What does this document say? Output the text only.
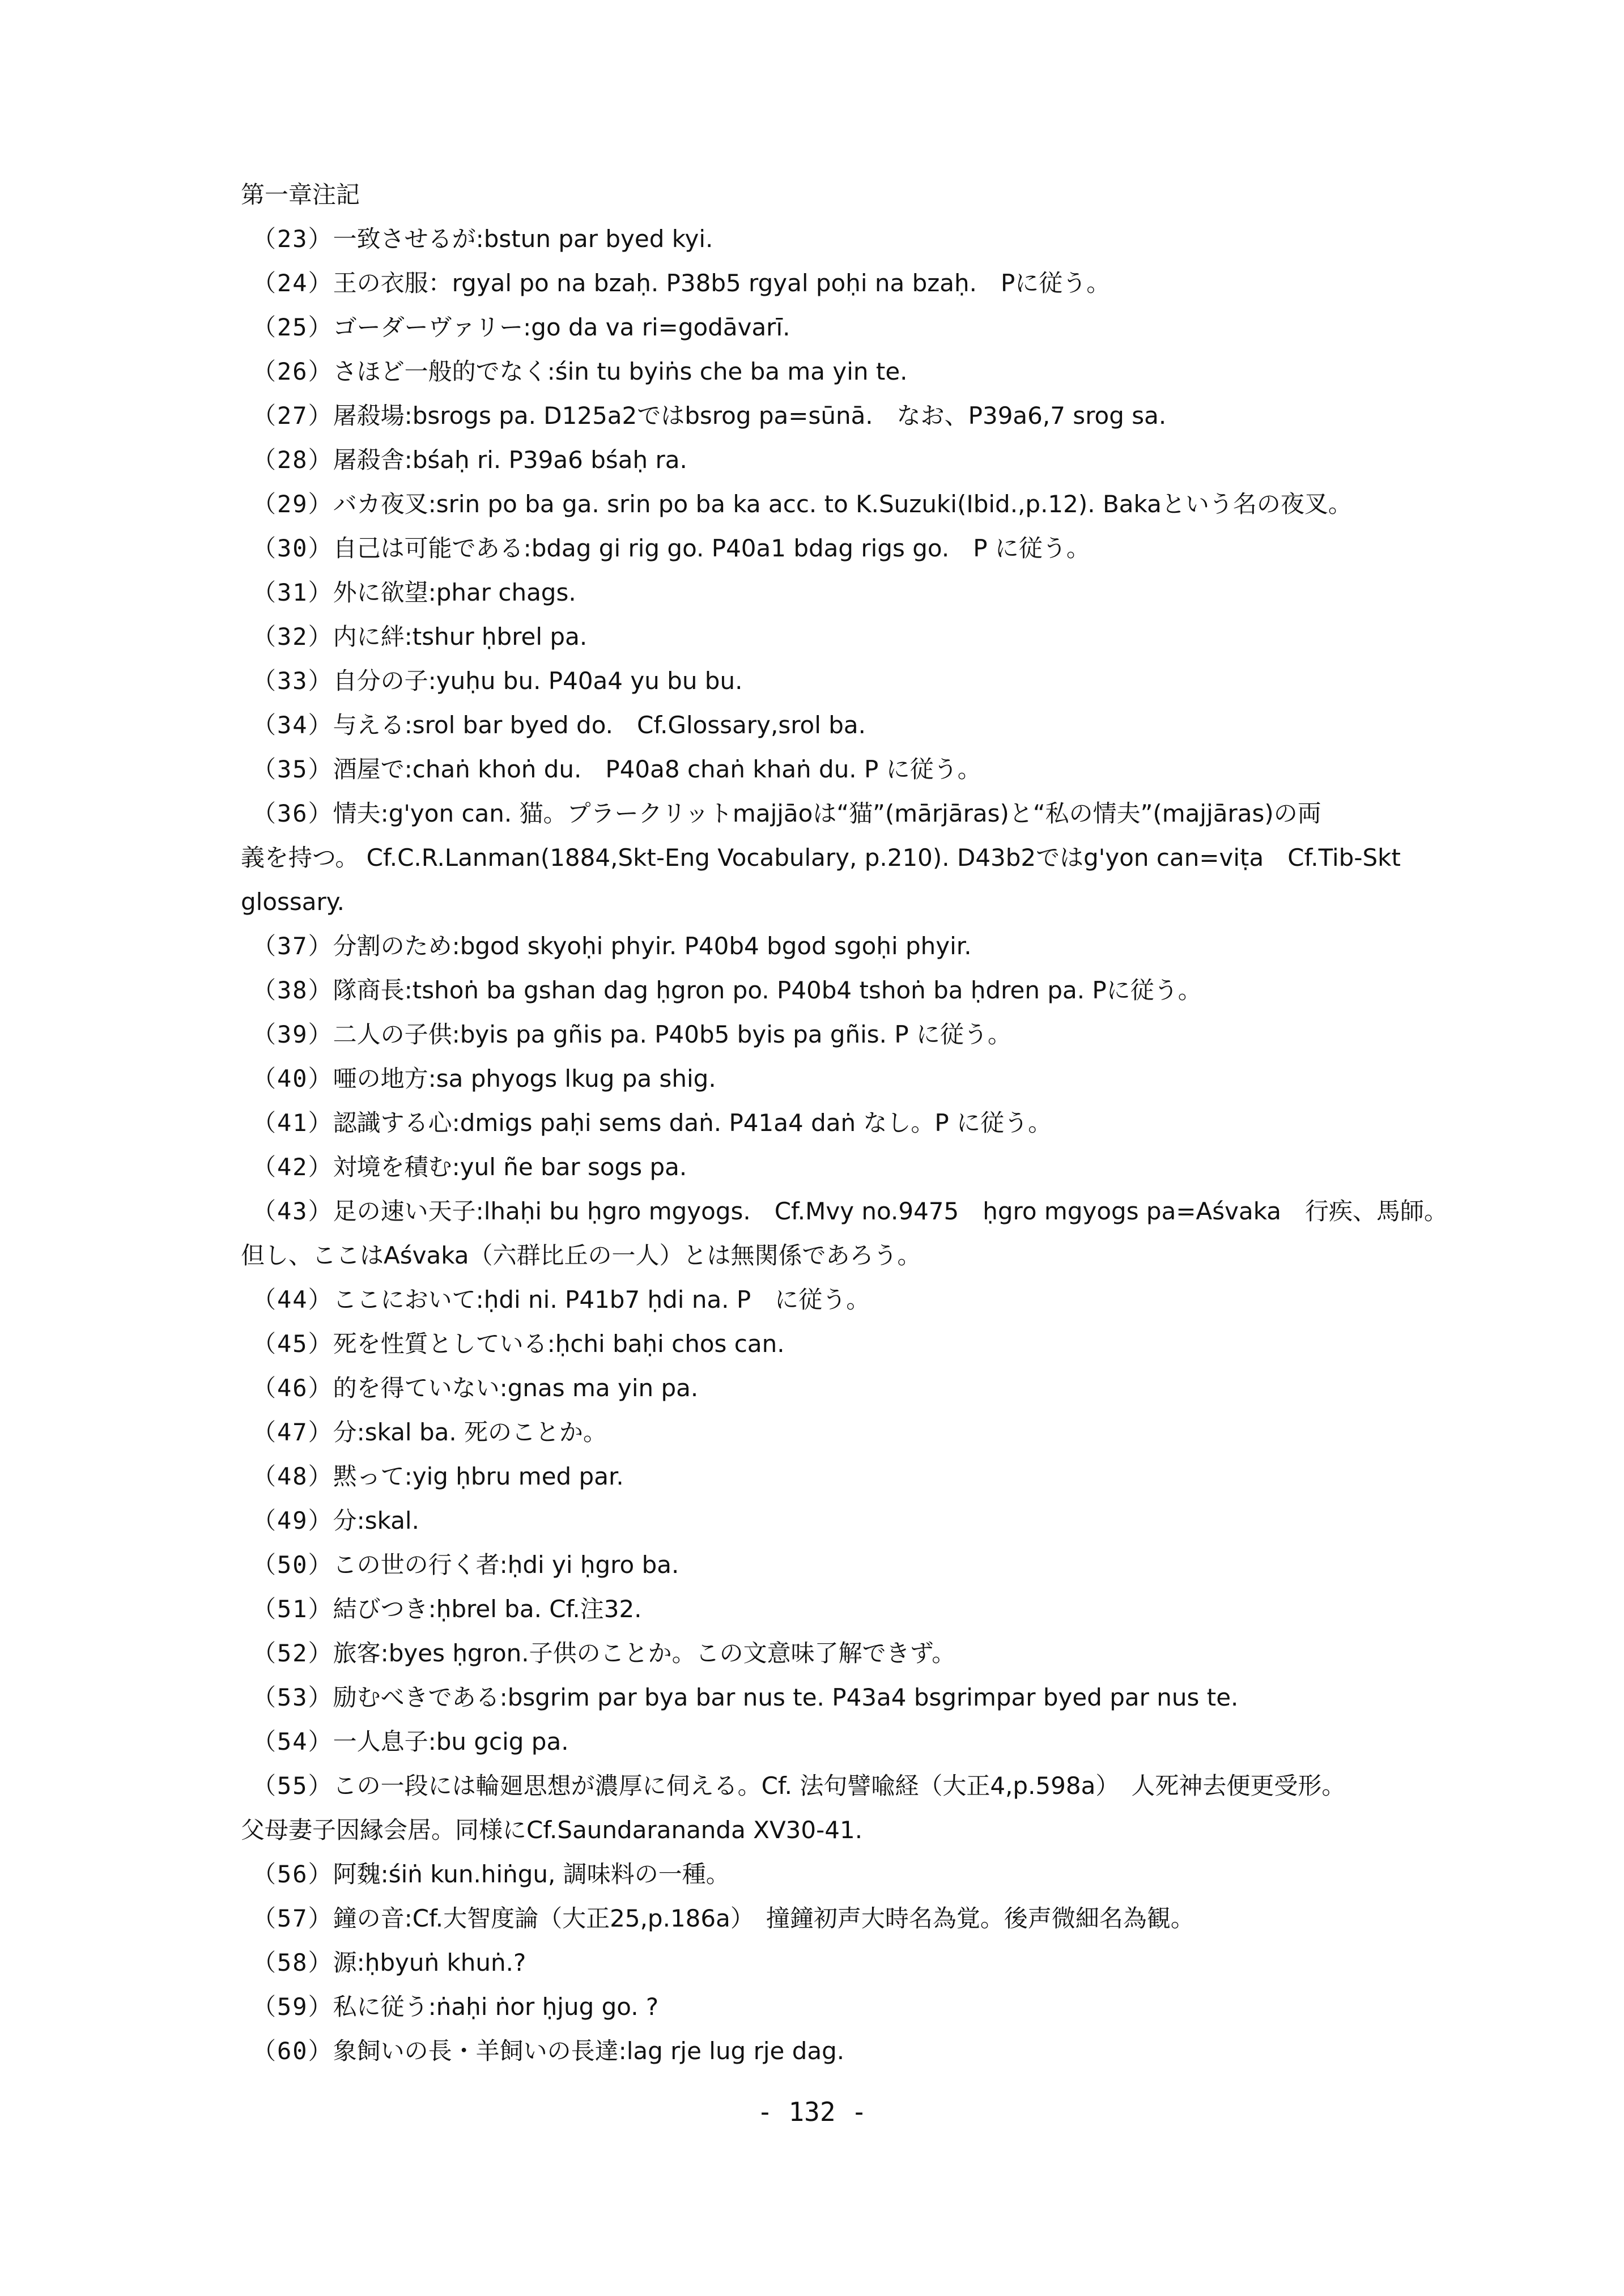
第一章注記
（23）一致させるが:bstun par byed kyi.
（24）王の衣服：rgyal po na bzaḥ. P38b5 rgyal poḥi na bzaḥ.　Pに従う。
（25）ゴーダーヴァリー:go da va ri=godāvarī.
（26）さほど一般的でなく:śin tu byiṅs che ba ma yin te.
（27）屠殺場:bsrogs pa. D125a2ではbsrog pa=sūnā.　なお、P39a6,7 srog sa.
（28）屠殺舎:bśaḥ ri. P39a6 bśaḥ ra.
（29）バカ夜叉:srin po ba ga. srin po ba ka acc. to K.Suzuki(Ibid.,p.12). Bakaという名の夜叉。
（30）自己は可能である:bdag gi rig go. P40a1 bdag rigs go.　P に従う。
（31）外に欲望:phar chags.
（32）内に絆:tshur ḥbrel pa.
（33）自分の子:yuḥu bu. P40a4 yu bu bu.
（34）与える:srol bar byed do.　Cf.Glossary,srol ba.
（35）酒屋で:chaṅ khoṅ du.　P40a8 chaṅ khaṅ du. P に従う。
（36）情夫:g'yon can. 猫。プラークリットmajjāoは“猫”(mārjāras)と“私の情夫”(majjāras)の両
義を持つ。 Cf.C.R.Lanman(1884,Skt-Eng Vocabulary, p.210). D43b2ではg'yon can=viṭa　Cf.Tib-Skt
glossary.
（37）分割のため:bgod skyoḥi phyir. P40b4 bgod sgoḥi phyir.
（38）隊商長:tshoṅ ba gshan dag ḥgron po. P40b4 tshoṅ ba ḥdren pa. Pに従う。
（39）二人の子供:byis pa gñis pa. P40b5 byis pa gñis. P に従う。
（40）唖の地方:sa phyogs lkug pa shig.
（41）認識する心:dmigs paḥi sems daṅ. P41a4 daṅ なし。P に従う。
（42）対境を積む:yul ñe bar sogs pa.
（43）足の速い天子:lhaḥi bu ḥgro mgyogs.　Cf.Mvy no.9475　ḥgro mgyogs pa=Aśvaka　行疾、馬師。
但し、ここはAśvaka（六群比丘の一人）とは無関係であろう。
（44）ここにおいて:ḥdi ni. P41b7 ḥdi na. P　に従う。
（45）死を性質としている:ḥchi baḥi chos can.
（46）的を得ていない:gnas ma yin pa.
（47）分:skal ba. 死のことか。
（48）黙って:yig ḥbru med par.
（49）分:skal.
（50）この世の行く者:ḥdi yi ḥgro ba.
（51）結びつき:ḥbrel ba. Cf.注32.
（52）旅客:byes ḥgron.子供のことか。この文意味了解できず。
（53）励むべきである:bsgrim par bya bar nus te. P43a4 bsgrimpar byed par nus te.
（54）一人息子:bu gcig pa.
（55）この一段には輪廻思想が濃厚に伺える。Cf. 法句譬喩経（大正4,p.598a）　人死神去便更受形。
父母妻子因縁会居。同様にCf.Saundarananda XV30-41.
（56）阿魏:śiṅ kun.hiṅgu, 調味料の一種。
（57）鐘の音:Cf.大智度論（大正25,p.186a）　撞鐘初声大時名為覚。後声微細名為観。
（58）源:ḥbyuṅ khuṅ.?
（59）私に従う:ṅaḥi ṅor ḥjug go. ?
（60）象飼いの長・羊飼いの長達:lag rje lug rje dag.
- 132 -
